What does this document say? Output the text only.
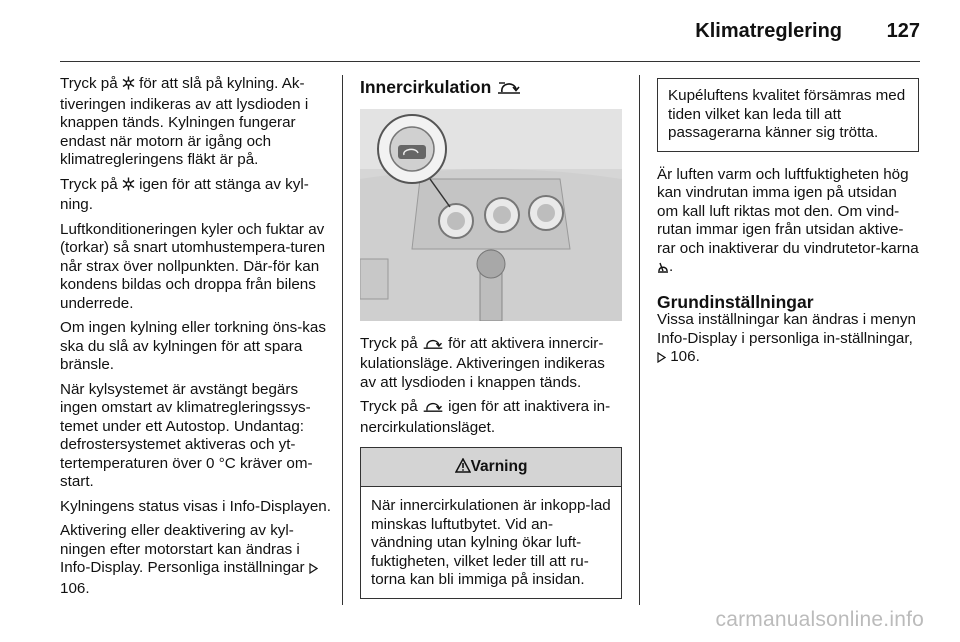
Klimatreglering 127

Tryck på  för att slå på kylning. Ak-tiveringen indikeras av att lysdioden i knappen tänds. Kylningen fungerar endast när motorn är igång och klimatregleringens fläkt är på.

Tryck på  igen för att stänga av kyl-ning.

Luftkonditioneringen kyler och fuktar av (torkar) så snart utomhustempera-turen når strax över nollpunkten. Där-för kan kondens bildas och droppa från bilens underrede.

Om ingen kylning eller torkning öns-kas ska du slå av kylningen för att spara bränsle.

När kylsystemet är avstängt begärs ingen omstart av klimatregleringssys-temet under ett Autostop. Undantag: defrostersystemet aktiveras och yt-tertemperaturen över 0 °C kräver om-start.

Kylningens status visas i Info-Displayen.

Aktivering eller deaktivering av kyl-ningen efter motorstart kan ändras i Info-Display. Personliga inställningar  106.

Innercirkulation

Tryck på  för att aktivera innercir-kulationsläge. Aktiveringen indikeras av att lysdioden i knappen tänds.

Tryck på  igen för att inaktivera in-nercirkulationsläget.

Varning
När innercirkulationen är inkopp-lad minskas luftutbytet. Vid an-vändning utan kylning ökar luft-fuktigheten, vilket leder till att ru-torna kan bli immiga på insidan.
Kupéluftens kvalitet försämras med tiden vilket kan leda till att passagerarna känner sig trötta.

Är luften varm och luftfuktigheten hög kan vindrutan imma igen på utsidan om kall luft riktas mot den. Om vind-rutan immar igen från utsidan aktive-rar och inaktiverar du vindrutetor-karna .

Grundinställningar

Vissa inställningar kan ändras i menyn Info-Display i personliga in-ställningar,  106.

carmanualsonline.info
